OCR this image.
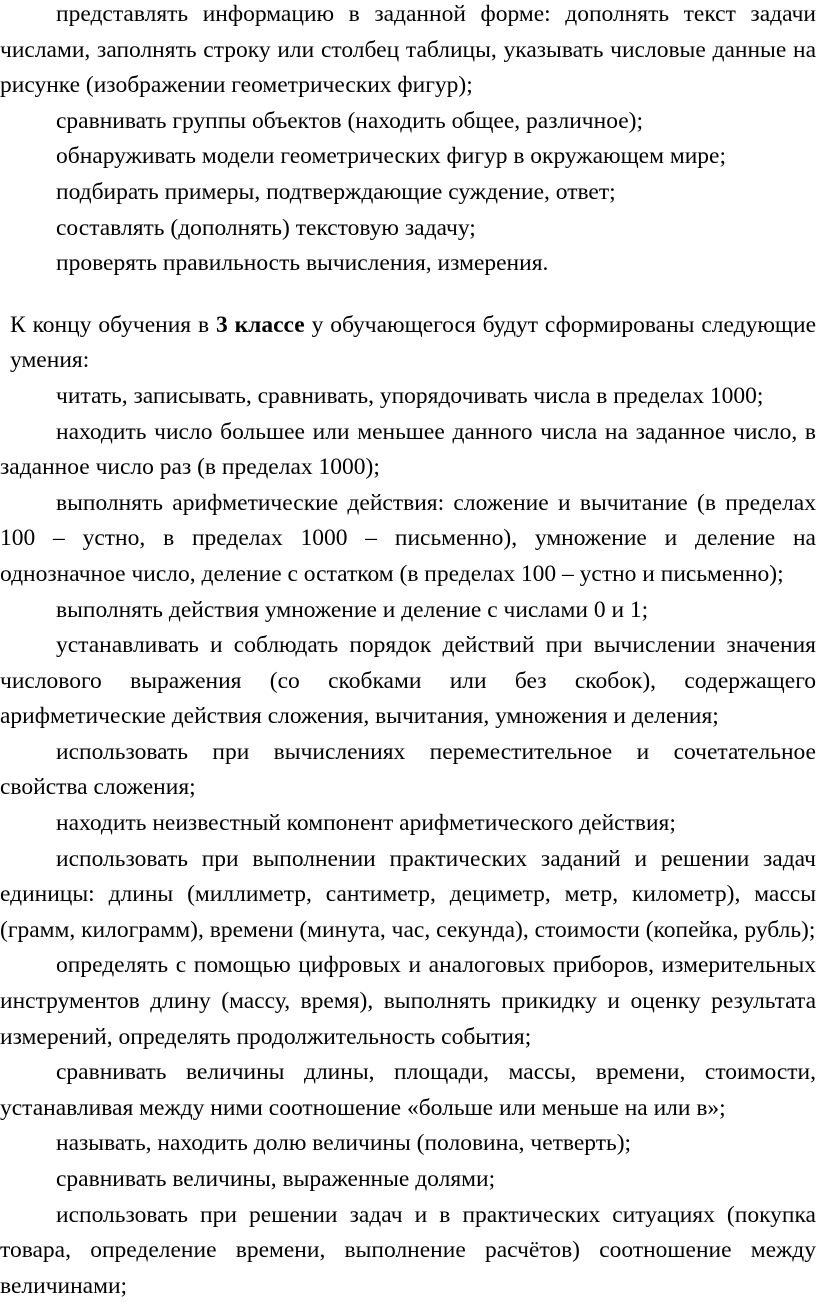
представлять информацию в заданной форме: дополнять текст задачи числами, заполнять строку или столбец таблицы, указывать числовые данные на рисунке (изображении геометрических фигур);

сравнивать группы объектов (находить общее, различное);

обнаруживать модели геометрических фигур в окружающем мире;

подбирать примеры, подтверждающие суждение, ответ;

составлять (дополнять) текстовую задачу;

проверять правильность вычисления, измерения.

К концу обучения в 3 классе у обучающегося будут сформированы следующие умения:

читать, записывать, сравнивать, упорядочивать числа в пределах 1000;

находить число большее или меньшее данного числа на заданное число, в заданное число раз (в пределах 1000);

выполнять арифметические действия: сложение и вычитание (в пределах 100 – устно, в пределах 1000 – письменно), умножение и деление на однозначное число, деление с остатком (в пределах 100 – устно и письменно);

выполнять действия умножение и деление с числами 0 и 1;

устанавливать и соблюдать порядок действий при вычислении значения числового выражения (со скобками или без скобок), содержащего арифметические действия сложения, вычитания, умножения и деления;

использовать при вычислениях переместительное и сочетательное свойства сложения;

находить неизвестный компонент арифметического действия;

использовать при выполнении практических заданий и решении задач единицы: длины (миллиметр, сантиметр, дециметр, метр, километр), массы (грамм, килограмм), времени (минута, час, секунда), стоимости (копейка, рубль);

определять с помощью цифровых и аналоговых приборов, измерительных инструментов длину (массу, время), выполнять прикидку и оценку результата измерений, определять продолжительность события;

сравнивать величины длины, площади, массы, времени, стоимости, устанавливая между ними соотношение «больше или меньше на или в»;

называть, находить долю величины (половина, четверть);

сравнивать величины, выраженные долями;

использовать при решении задач и в практических ситуациях (покупка товара, определение времени, выполнение расчётов) соотношение между величинами;
